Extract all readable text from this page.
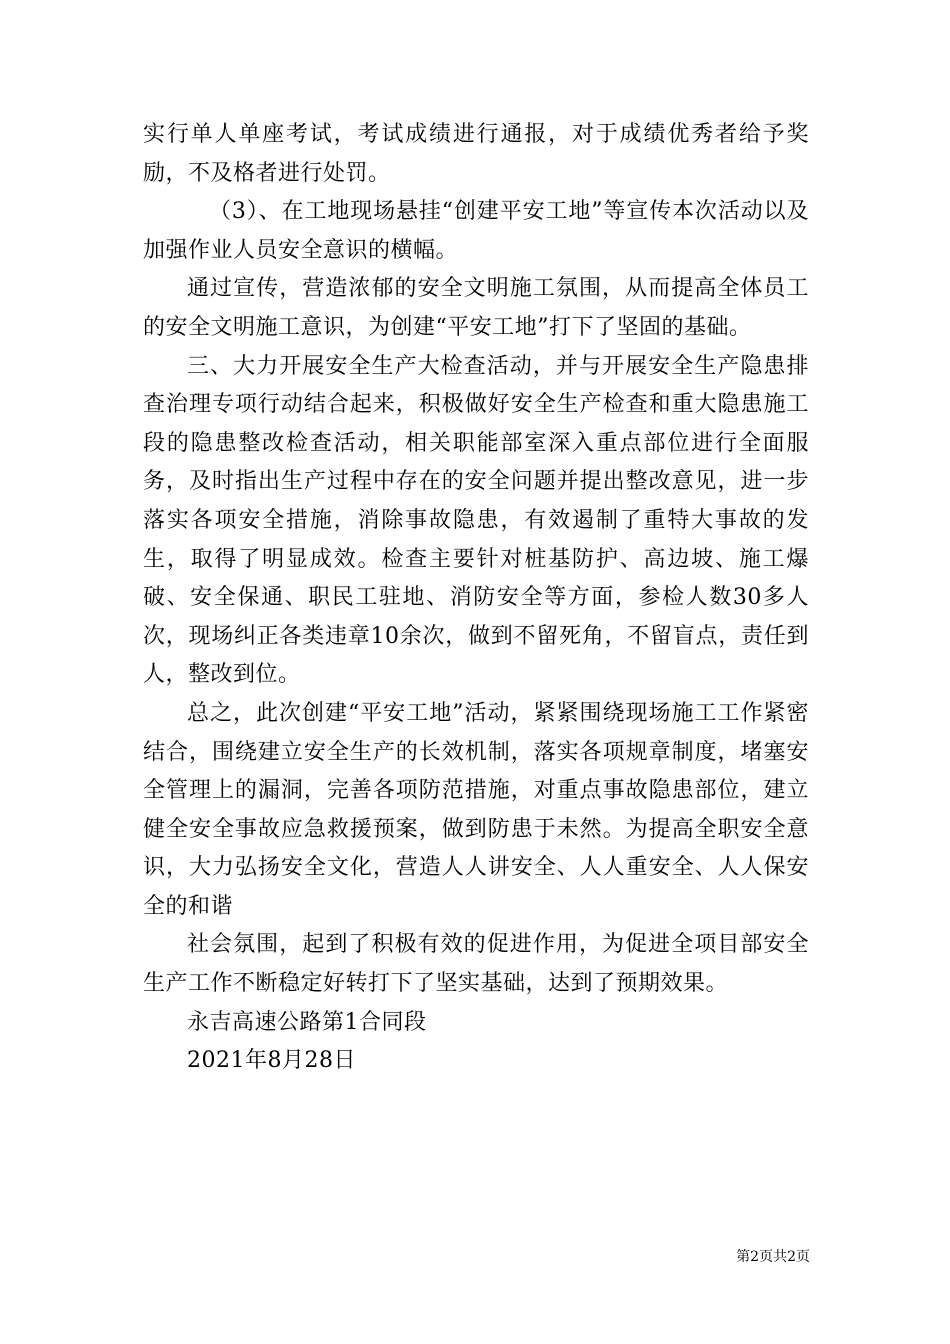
实行单人单座考试，考试成绩进行通报，对于成绩优秀者给予奖励，不及格者进行处罚。

（3）、在工地现场悬挂“创建平安工地”等宣传本次活动以及加强作业人员安全意识的横幅。

通过宣传，营造浓郁的安全文明施工氛围，从而提高全体员工的安全文明施工意识，为创建“平安工地”打下了坚固的基础。

三、大力开展安全生产大检查活动，并与开展安全生产隐患排查治理专项行动结合起来，积极做好安全生产检查和重大隐患施工段的隐患整改检查活动，相关职能部室深入重点部位进行全面服务，及时指出生产过程中存在的安全问题并提出整改意见，进一步落实各项安全措施，消除事故隐患，有效遏制了重特大事故的发生，取得了明显成效。检查主要针对桩基防护、高边坡、施工爆破、安全保通、职民工驻地、消防安全等方面，参检人数30多人次，现场纠正各类违章10余次，做到不留死角，不留盲点，责任到人，整改到位。

总之，此次创建“平安工地”活动，紧紧围绕现场施工工作紧密结合，围绕建立安全生产的长效机制，落实各项规章制度，堵塞安全管理上的漏洞，完善各项防范措施，对重点事故隐患部位，建立健全安全事故应急救援预案，做到防患于未然。为提高全职安全意识，大力弘扬安全文化，营造人人讲安全、人人重安全、人人保安全的和谐

社会氛围，起到了积极有效的促进作用，为促进全项目部安全生产工作不断稳定好转打下了坚实基础，达到了预期效果。

永吉高速公路第1合同段

2021年8月28日

第2页共2页
